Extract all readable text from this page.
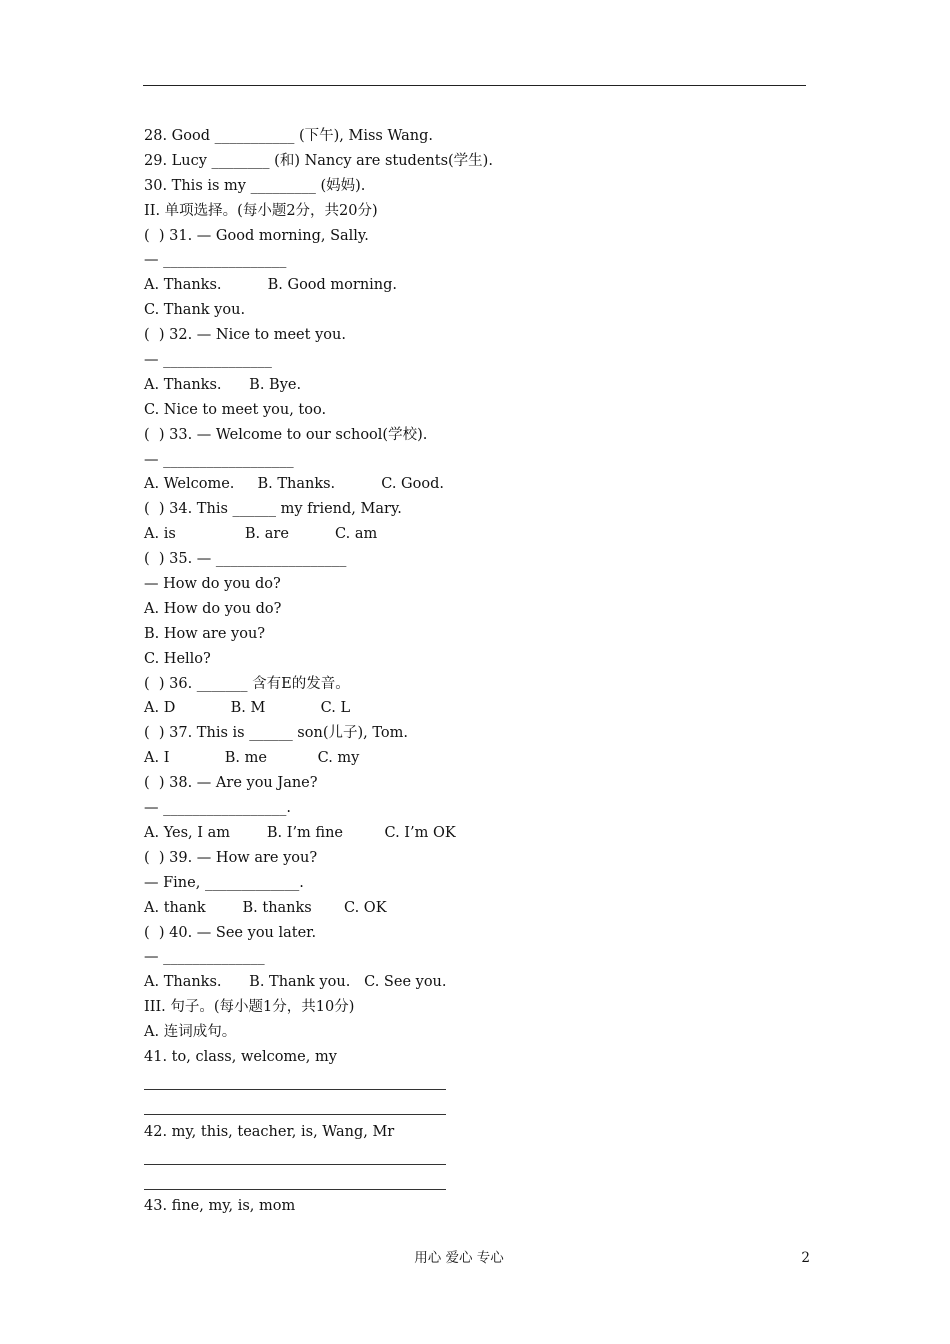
28. Good ___________ (下午), Miss Wang.
29. Lucy ________ (和) Nancy are students(学生).
30. This is my _________ (妈妈).
II. 单项选择。(每小题2分，共20分)
(  ) 31. — Good morning, Sally.
— _________________
A. Thanks.          B. Good morning.
C. Thank you.
(  ) 32. — Nice to meet you.
— _______________
A. Thanks.      B. Bye.
C. Nice to meet you, too.
(  ) 33. — Welcome to our school(学校).
— __________________
A. Welcome.     B. Thanks.          C. Good.
(  ) 34. This ______ my friend, Mary.
A. is               B. are          C. am
(  ) 35. — __________________
— How do you do?
A. How do you do?
B. How are you?
C. Hello?
(  ) 36. _______ 含有E的发音。
A. D            B. M            C. L
(  ) 37. This is ______ son(儿子), Tom.
A. I            B. me           C. my
(  ) 38. — Are you Jane?
— _________________.
A. Yes, I am        B. I’m fine         C. I’m OK
(  ) 39. — How are you?
— Fine, _____________.
A. thank        B. thanks       C. OK
(  ) 40. — See you later.
— ______________
A. Thanks.      B. Thank you.   C. See you.
III. 句子。(每小题1分，共10分)
A. 连词成句。
41. to, class, welcome, my
42. my, this, teacher, is, Wang, Mr
43. fine, my, is, mom
用心 爱心 专心	2
